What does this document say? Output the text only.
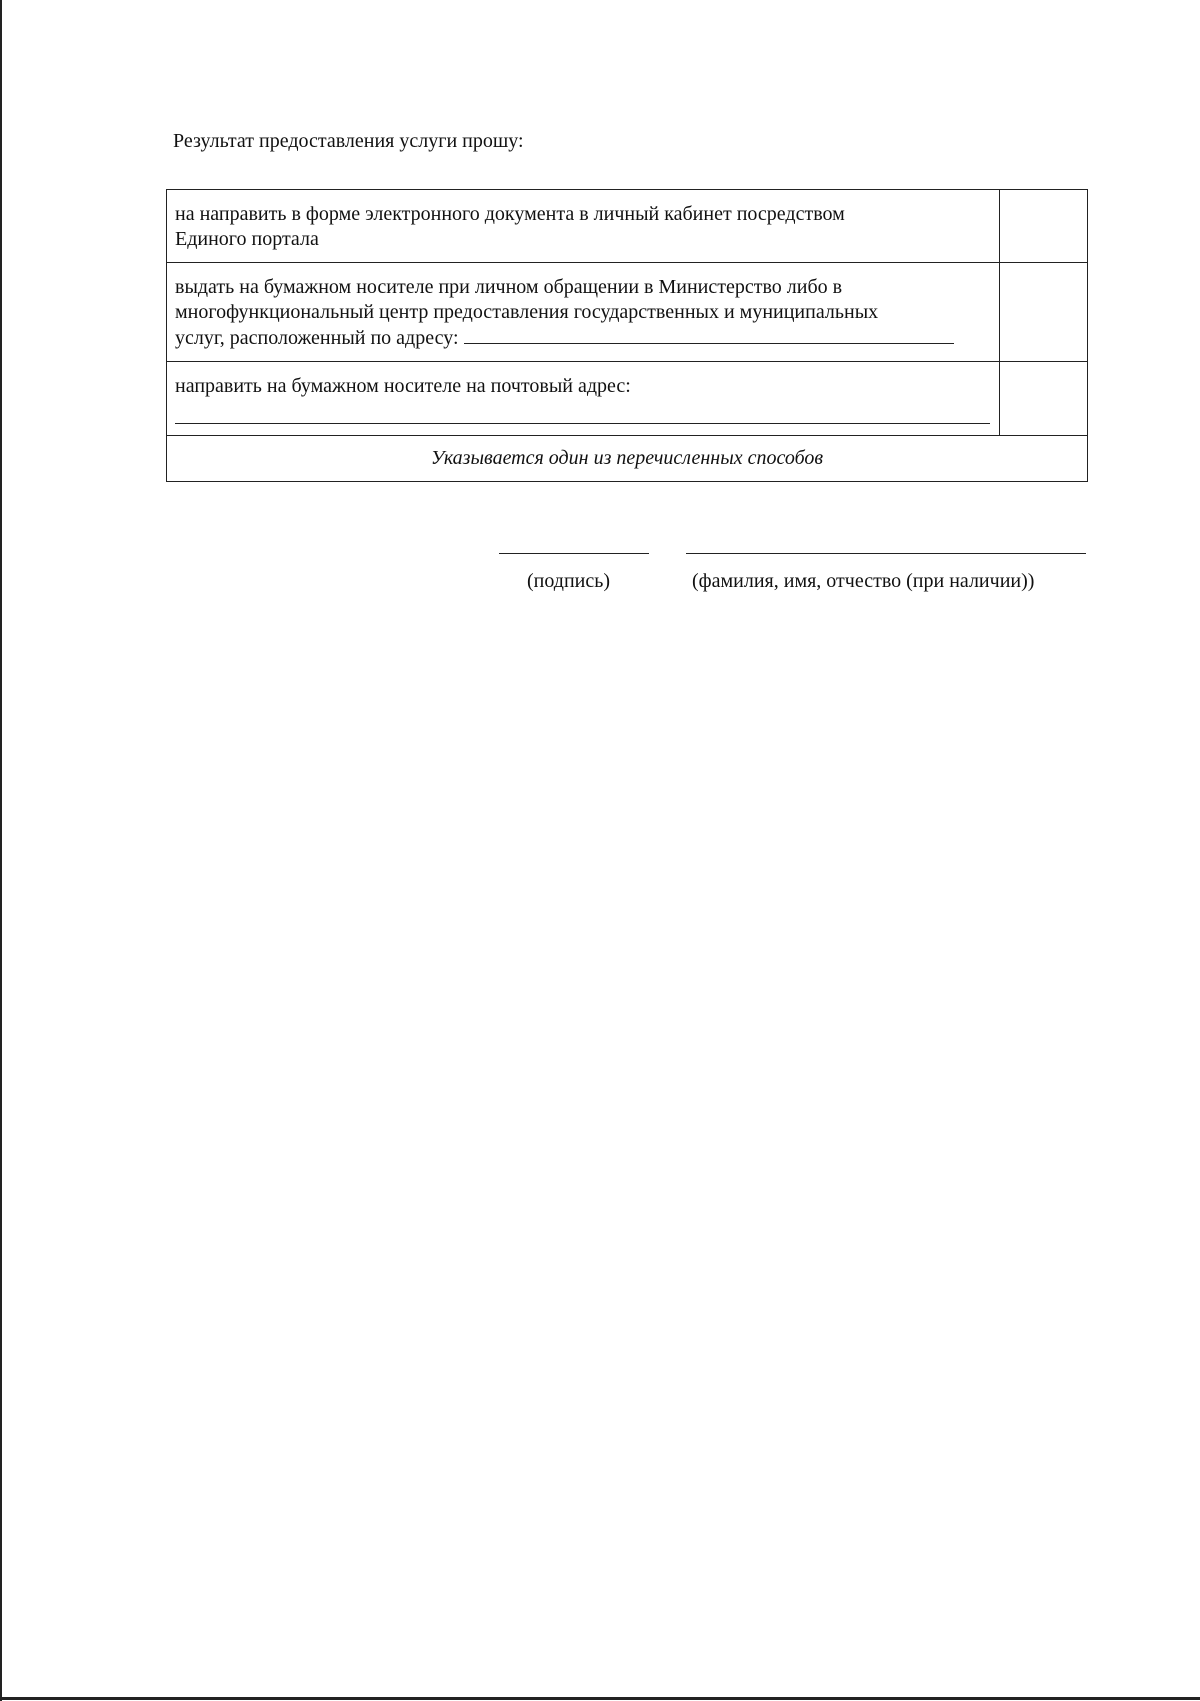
Результат предоставления услуги прошу:
на направить в форме электронного документа в личный кабинет посредством
Единого портала	

выдать на бумажном носителе при личном обращении в Министерство либо в
многофункциональный центр предоставления государственных и муниципальных
услуг, расположенный по адресу:	

направить на бумажном носителе на почтовый адрес:	

Указывается один из перечисленных способов	
(подпись)	(фамилия, имя, отчество (при наличии))
